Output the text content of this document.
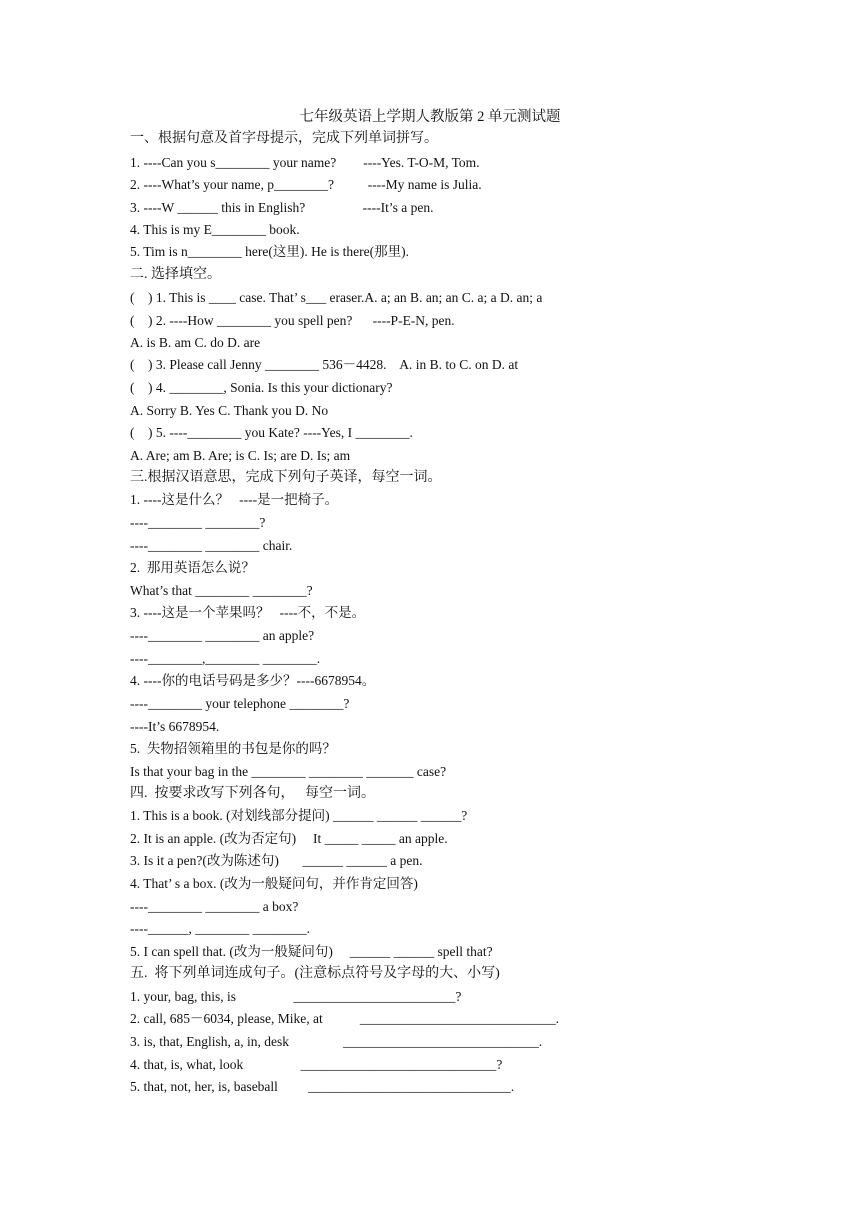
七年级英语上学期人教版第 2 单元测试题
一、根据句意及首字母提示，完成下列单词拼写。
1. ----Can you s________ your name?        ----Yes. T-O-M, Tom.
2. ----What’s your name, p________?          ----My name is Julia.
3. ----W ______ this in English?                 ----It’s a pen.
4. This is my E________ book.
5. Tim is n________ here(这里). He is there(那里).
二. 选择填空。
(    ) 1. This is ____ case. That’ s___ eraser.A. a; an B. an; an C. a; a D. an; a
(    ) 2. ----How ________ you spell pen?      ----P-E-N, pen.
A. is B. am C. do D. are
(    ) 3. Please call Jenny ________ 536－4428.    A. in B. to C. on D. at
(    ) 4. ________, Sonia. Is this your dictionary?
A. Sorry B. Yes C. Thank you D. No
(    ) 5. ----________ you Kate? ----Yes, I ________.
A. Are; am B. Are; is C. Is; are D. Is; am
三.根据汉语意思，完成下列句子英译，每空一词。
1. ----这是什么？   ----是一把椅子。
----________ ________?
----________ ________ chair.
2.  那用英语怎么说？
What’s that ________ ________?
3. ----这是一个苹果吗？   ----不，不是。
----________ ________ an apple?
----________,________ ________.
4. ----你的电话号码是多少？----6678954。
----________ your telephone ________?
----It’s 6678954.
5.  失物招领箱里的书包是你的吗？
Is that your bag in the ________ ________ _______ case?
四.  按要求改写下列各句，   每空一词。
1. This is a book. (对划线部分提问) ______ ______ ______?
2. It is an apple. (改为否定句)     It _____ _____ an apple.
3. Is it a pen?(改为陈述句)       ______ ______ a pen.
4. That’ s a box. (改为一般疑问句，并作肯定回答)
----________ ________ a box?
----______, ________ ________.
5. I can spell that. (改为一般疑问句)     ______ ______ spell that?
五.  将下列单词连成句子。(注意标点符号及字母的大、小写)
1. your, bag, this, is                 ________________________?
2. call, 685－6034, please, Mike, at           _____________________________.
3. is, that, English, a, in, desk                _____________________________.
4. that, is, what, look                 _____________________________?
5. that, not, her, is, baseball         ______________________________.
